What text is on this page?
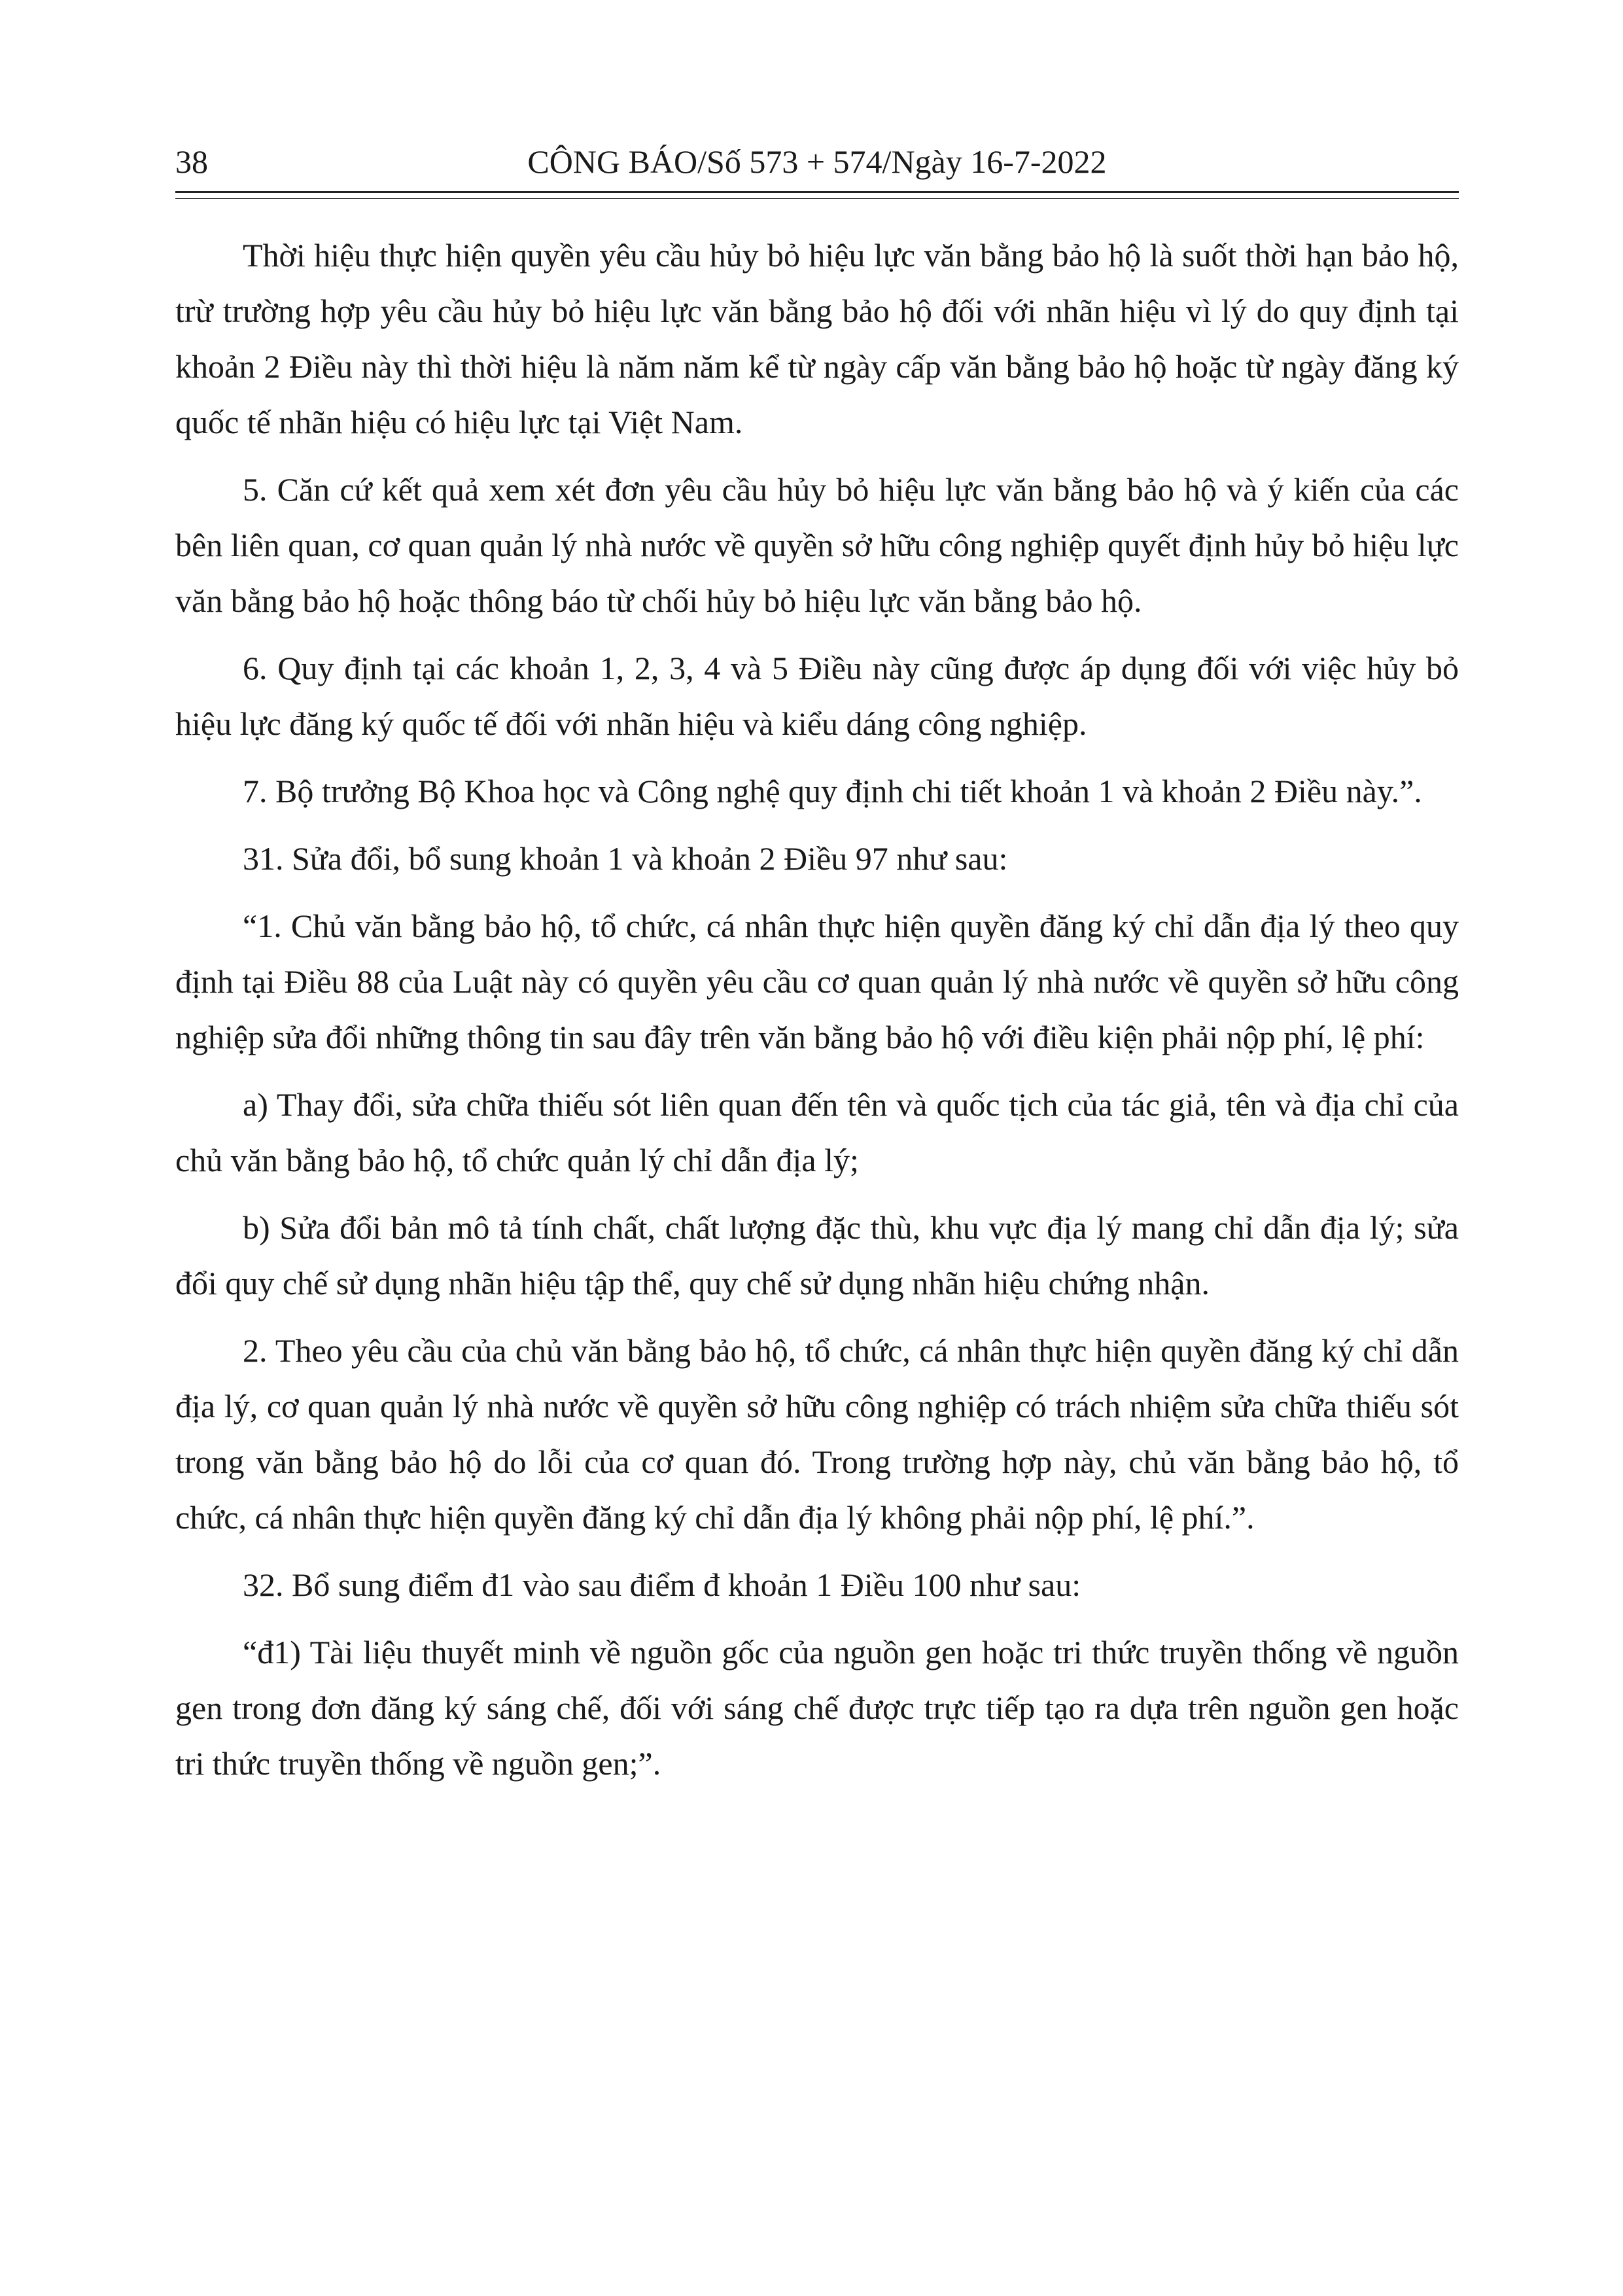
38	CÔNG BÁO/Số 573 + 574/Ngày 16-7-2022

Thời hiệu thực hiện quyền yêu cầu hủy bỏ hiệu lực văn bằng bảo hộ là suốt thời hạn bảo hộ, trừ trường hợp yêu cầu hủy bỏ hiệu lực văn bằng bảo hộ đối với nhãn hiệu vì lý do quy định tại khoản 2 Điều này thì thời hiệu là năm năm kể từ ngày cấp văn bằng bảo hộ hoặc từ ngày đăng ký quốc tế nhãn hiệu có hiệu lực tại Việt Nam.

5. Căn cứ kết quả xem xét đơn yêu cầu hủy bỏ hiệu lực văn bằng bảo hộ và ý kiến của các bên liên quan, cơ quan quản lý nhà nước về quyền sở hữu công nghiệp quyết định hủy bỏ hiệu lực văn bằng bảo hộ hoặc thông báo từ chối hủy bỏ hiệu lực văn bằng bảo hộ.

6. Quy định tại các khoản 1, 2, 3, 4 và 5 Điều này cũng được áp dụng đối với việc hủy bỏ hiệu lực đăng ký quốc tế đối với nhãn hiệu và kiểu dáng công nghiệp.

7. Bộ trưởng Bộ Khoa học và Công nghệ quy định chi tiết khoản 1 và khoản 2 Điều này.”.

31. Sửa đổi, bổ sung khoản 1 và khoản 2 Điều 97 như sau:

“1. Chủ văn bằng bảo hộ, tổ chức, cá nhân thực hiện quyền đăng ký chỉ dẫn địa lý theo quy định tại Điều 88 của Luật này có quyền yêu cầu cơ quan quản lý nhà nước về quyền sở hữu công nghiệp sửa đổi những thông tin sau đây trên văn bằng bảo hộ với điều kiện phải nộp phí, lệ phí:

a) Thay đổi, sửa chữa thiếu sót liên quan đến tên và quốc tịch của tác giả, tên và địa chỉ của chủ văn bằng bảo hộ, tổ chức quản lý chỉ dẫn địa lý;

b) Sửa đổi bản mô tả tính chất, chất lượng đặc thù, khu vực địa lý mang chỉ dẫn địa lý; sửa đổi quy chế sử dụng nhãn hiệu tập thể, quy chế sử dụng nhãn hiệu chứng nhận.

2. Theo yêu cầu của chủ văn bằng bảo hộ, tổ chức, cá nhân thực hiện quyền đăng ký chỉ dẫn địa lý, cơ quan quản lý nhà nước về quyền sở hữu công nghiệp có trách nhiệm sửa chữa thiếu sót trong văn bằng bảo hộ do lỗi của cơ quan đó. Trong trường hợp này, chủ văn bằng bảo hộ, tổ chức, cá nhân thực hiện quyền đăng ký chỉ dẫn địa lý không phải nộp phí, lệ phí.”.

32. Bổ sung điểm đ1 vào sau điểm đ khoản 1 Điều 100 như sau:

“đ1) Tài liệu thuyết minh về nguồn gốc của nguồn gen hoặc tri thức truyền thống về nguồn gen trong đơn đăng ký sáng chế, đối với sáng chế được trực tiếp tạo ra dựa trên nguồn gen hoặc tri thức truyền thống về nguồn gen;”.
